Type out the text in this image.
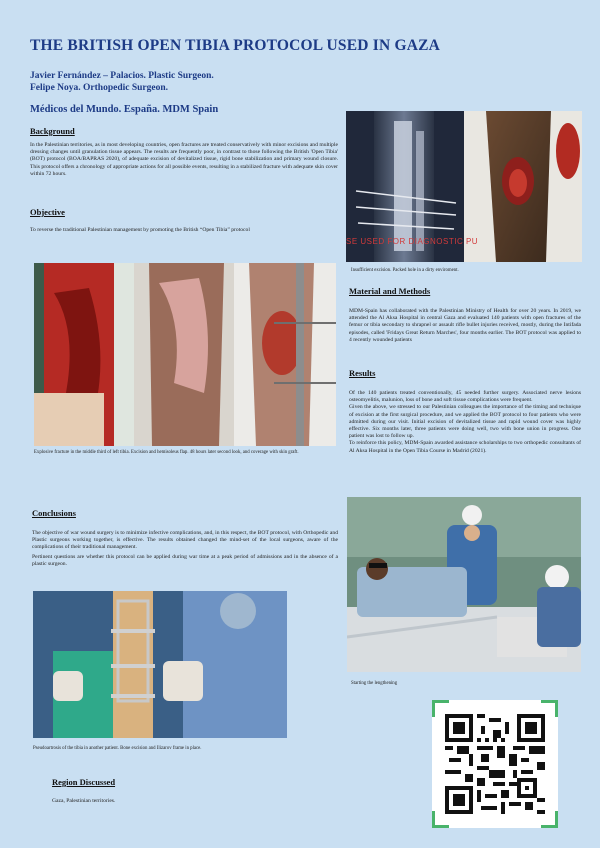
THE BRITISH OPEN TIBIA PROTOCOL USED IN GAZA
Javier Fernández – Palacios. Plastic Surgeon.
Felipe Noya. Orthopedic Surgeon.
Médicos del Mundo. España. MDM Spain
Background
In the Palestinian territories, as in most developing countries, open fractures are treated conservatively with minor excisions and multiple dressing changes until granulation tissue appears. The results are frequently poor, in contrast to those following the British 'Open Tibia' (BOT) protocol (BOA/BAPRAS 2020), of adequate excision of devitalized tissue, rigid bone stabilization and primary wound closure. This protocol offers a chronology of appropriate actions for all possible events, resulting in a stabilized fracture with adequate skin cover within 72 hours.
Objective
To reverse the traditional Palestinian management by promoting the British “Open Tibia” protocol
SE USED FOR DIAGNOSTIC PU
Insufficient excision. Packed hole in a dirty enviroment.
Material and Methods
MDM-Spain has collaborated with the Palestinian Ministry of Health for over 20 years. In 2019, we attended the Al Aksa Hospital in central Gaza and evaluated 140 patients with open fractures of the femur or tibia secondary to shrapnel or assault rifle bullet injuries received, mostly, during the Intifada episodes, called 'Fridays Great Return Marches', four months earlier. The BOT protocol was applied to 4 recently wounded patients
Explosive fracture in the middle third of left tibia. Excision and hemisoleus flap. 48 hours later second look, and coverage with skin graft.
Results
Of the 140 patients treated conventionally, 45 needed further surgery. Associated nerve lesions osteomyelitis, malunion, loss of bone and soft tissue complications were frequent.
Given the above, we stressed to our Palestinian colleagues the importance of the timing and technique of excision at the first surgical procedure, and we applied the BOT protocol to four patients who were admitted during our visit. Initial excision of devitalized tissue and rapid wound cover was highly effective. Six months later, three patients were doing well, two with bone union in progress. One patient was lost to follow up.
To reinforce this policy, MDM-Spain awarded assistance scholarships to two orthopedic consultants of Al Aksa Hospital in the Open Tibia Course in Madrid (2021).
Conclusions
The objective of war wound surgery is to minimize infective complications, and, in this respect, the BOT protocol, with Orthopedic and Plastic surgeons working together, is effective. The results obtained changed the mind-set of the local surgeons, aware of the complications of their traditional management.
Pertinent questions are whether this protocol can be applied during war time at a peak period of admissions and in the absence of a plastic surgeon.
Starting the lengthening
Pseudoartrosis of the tibia in another patient. Bone excision and Ilizarov frame in place.
Region Discussed
Gaza, Palestinian territories.
